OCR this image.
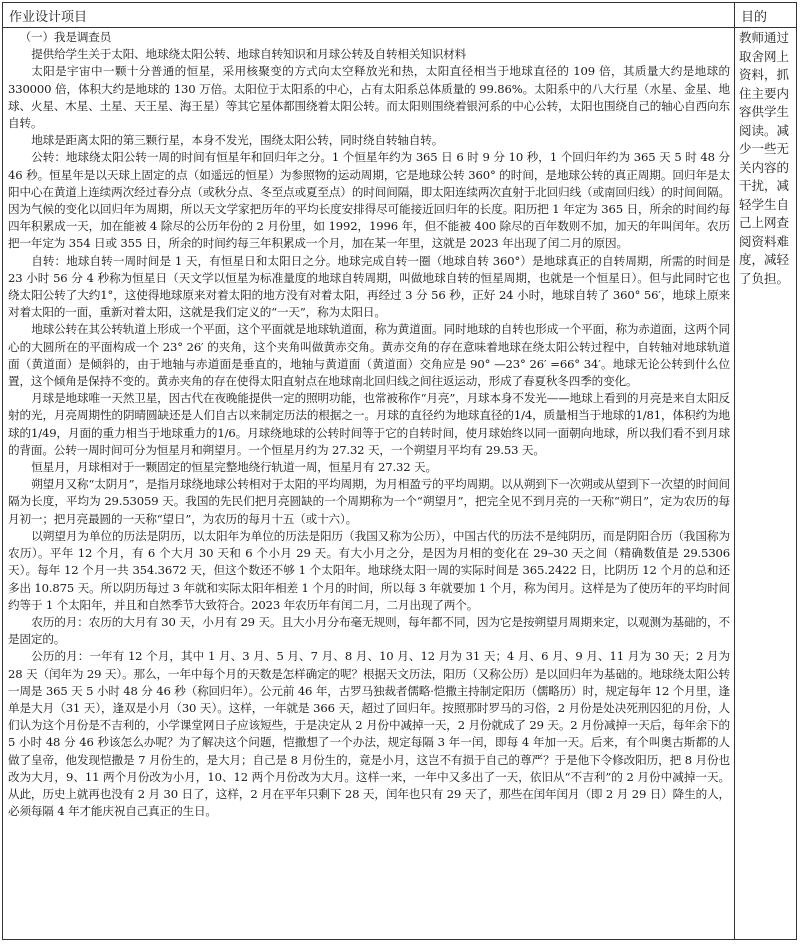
作业设计项目	目的

（一）我是调查员

提供给学生关于太阳、地球绕太阳公转、地球自转知识和月球公转及自转相关知识材料

太阳是宇宙中一颗十分普通的恒星，采用核聚变的方式向太空释放光和热，太阳直径相当于地球直径的 109 倍，其质量大约是地球的 330000 倍，体积大约是地球的 130 万倍。太阳位于太阳系的中心，占有太阳系总体质量的 99.86%。太阳系中的八大行星（水星、金星、地球、火星、木星、土星、天王星、海王星）等其它星体都围绕着太阳公转。而太阳则围绕着银河系的中心公转，太阳也围绕自己的轴心自西向东自转。

地球是距离太阳的第三颗行星，本身不发光，围绕太阳公转，同时绕自转轴自转。

公转：地球绕太阳公转一周的时间有恒星年和回归年之分。1 个恒星年约为 365 日 6 时 9 分 10 秒，1 个回归年约为 365 天 5 时 48 分 46 秒。恒星年是以天球上固定的点（如遥远的恒星）为参照物的运动周期，它是地球公转 360° 的时间，是地球公转的真正周期。回归年是太阳中心在黄道上连续两次经过春分点（或秋分点、冬至点或夏至点）的时间间隔，即太阳连续两次直射于北回归线（或南回归线）的时间间隔。因为气候的变化以回归年为周期，所以天文学家把历年的平均长度安排得尽可能接近回归年的长度。阳历把 1 年定为 365 日，所余的时间约每四年积累成一天，加在能被 4 除尽的公历年份的 2 月份里，如 1992，1996 年，但不能被 400 除尽的百年数则不加，加天的年叫闰年。农历把一年定为 354 日或 355 日，所余的时间约每三年积累成一个月，加在某一年里，这就是 2023 年出现了闰二月的原因。

自转：地球自转一周时间是 1 天，有恒星日和太阳日之分。地球完成自转一圈（地球自转 360°）是地球真正的自转周期，所需的时间是 23 小时 56 分 4 秒称为恒星日（天文学以恒星为标准量度的地球自转周期，叫做地球自转的恒星周期，也就是一个恒星日）。但与此同时它也绕太阳公转了大约1°，这使得地球原来对着太阳的地方没有对着太阳，再经过 3 分 56 秒，正好 24 小时，地球自转了 360° 56′，地球上原来对着太阳的一面，重新对着太阳，这就是我们定义的“一天”，称为太阳日。

地球公转在其公转轨道上形成一个平面，这个平面就是地球轨道面，称为黄道面。同时地球的自转也形成一个平面，称为赤道面，这两个同心的大圆所在的平面构成一个 23° 26′ 的夹角，这个夹角叫做黄赤交角。黄赤交角的存在意味着地球在绕太阳公转过程中，自转轴对地球轨道面（黄道面）是倾斜的，由于地轴与赤道面是垂直的，地轴与黄道面（黄道面）交角应是 90° —23° 26′ =66° 34′。地球无论公转到什么位置，这个倾角是保持不变的。黄赤夹角的存在使得太阳直射点在地球南北回归线之间往返运动，形成了春夏秋冬四季的变化。

月球是地球唯一天然卫星，因古代在夜晚能提供一定的照明功能，也常被称作“月亮”，月球本身不发光——地球上看到的月亮是来自太阳反射的光，月亮周期性的阴晴圆缺还是人们自古以来制定历法的根据之一。月球的直径约为地球直径的1/4，质量相当于地球的1/81，体积约为地球的1/49，月面的重力相当于地球重力的1/6。月球绕地球的公转时间等于它的自转时间，使月球始终以同一面朝向地球，所以我们看不到月球的背面。公转一周时间可分为恒星月和朔望月。一个恒星月约为 27.32 天，一个朔望月平均有 29.53 天。

恒星月，月球相对于一颗固定的恒星完整地绕行轨道一周，恒星月有 27.32 天。

朔望月又称“太阴月”，是指月球绕地球公转相对于太阳的平均周期，为月相盈亏的平均周期。以从朔到下一次朔或从望到下一次望的时间间隔为长度，平均为 29.53059 天。我国的先民们把月亮圆缺的一个周期称为一个“朔望月”，把完全见不到月亮的一天称“朔日”，定为农历的每月初一；把月亮最圆的一天称“望日”，为农历的每月十五（或十六）。

以朔望月为单位的历法是阴历，以太阳年为单位的历法是阳历（我国又称为公历），中国古代的历法不是纯阴历，而是阴阳合历（我国称为农历）。平年 12 个月，有 6 个大月 30 天和 6 个小月 29 天。有大小月之分，是因为月相的变化在 29–30 天之间（精确数值是 29.5306 天）。每年 12 个月一共 354.3672 天，但这个数还不够 1 个太阳年。地球绕太阳一周的实际时间是 365.2422 日，比阴历 12 个月的总和还多出 10.875 天。所以阴历每过 3 年就和实际太阳年相差 1 个月的时间，所以每 3 年就要加 1 个月，称为闰月。这样是为了使历年的平均时间约等于 1 个太阳年，并且和自然季节大致符合。2023 年农历年有闰二月，二月出现了两个。

农历的月：农历的大月有 30 天，小月有 29 天。且大小月分布毫无规则，每年都不同，因为它是按朔望月周期来定，以观测为基础的，不是固定的。

公历的月：一年有 12 个月，其中 1 月、3 月、5 月、7 月、8 月、10 月、12 月为 31 天；4 月、6 月、9 月、11 月为 30 天；2 月为 28 天（闰年为 29 天）。那么，一年中每个月的天数是怎样确定的呢？根据天文历法，阳历（又称公历）是以回归年为基础的。地球绕太阳公转一周是 365 天 5 小时 48 分 46 秒（称回归年）。公元前 46 年，古罗马独裁者儒略·恺撒主持制定阳历（儒略历）时，规定每年 12 个月里，逢单是大月（31 天），逢双是小月（30 天）。这样，一年就是 366 天，超过了回归年。按照那时罗马的习俗，2 月份是处决死刑囚犯的月份，人们认为这个月份是不吉利的，小学课堂网日子应该短些，于是决定从 2 月份中减掉一天，2 月份就成了 29 天。2 月份减掉一天后，每年余下的 5 小时 48 分 46 秒该怎么办呢？为了解决这个问题，恺撒想了一个办法，规定每隔 3 年一闰，即每 4 年加一天。后来，有个叫奥古斯都的人做了皇帝，他发现恺撒是 7 月份生的，是大月；自己是 8 月份生的，竟是小月，这岂不有损于自己的尊严？于是他下令修改阳历，把 8 月份也改为大月，9、11 两个月份改为小月，10、12 两个月份改为大月。这样一来，一年中又多出了一天，依旧从“不吉利”的 2 月份中减掉一天。从此，历史上就再也没有 2 月 30 日了，这样，2 月在平年只剩下 28 天，闰年也只有 29 天了，那些在闰年闰月（即 2 月 29 日）降生的人，必须每隔 4 年才能庆祝自己真正的生日。

教师通过取舍网上资料，抓住主要内容供学生阅读。减少一些无关内容的干扰，减轻学生自己上网查阅资料难度，减轻了负担。
